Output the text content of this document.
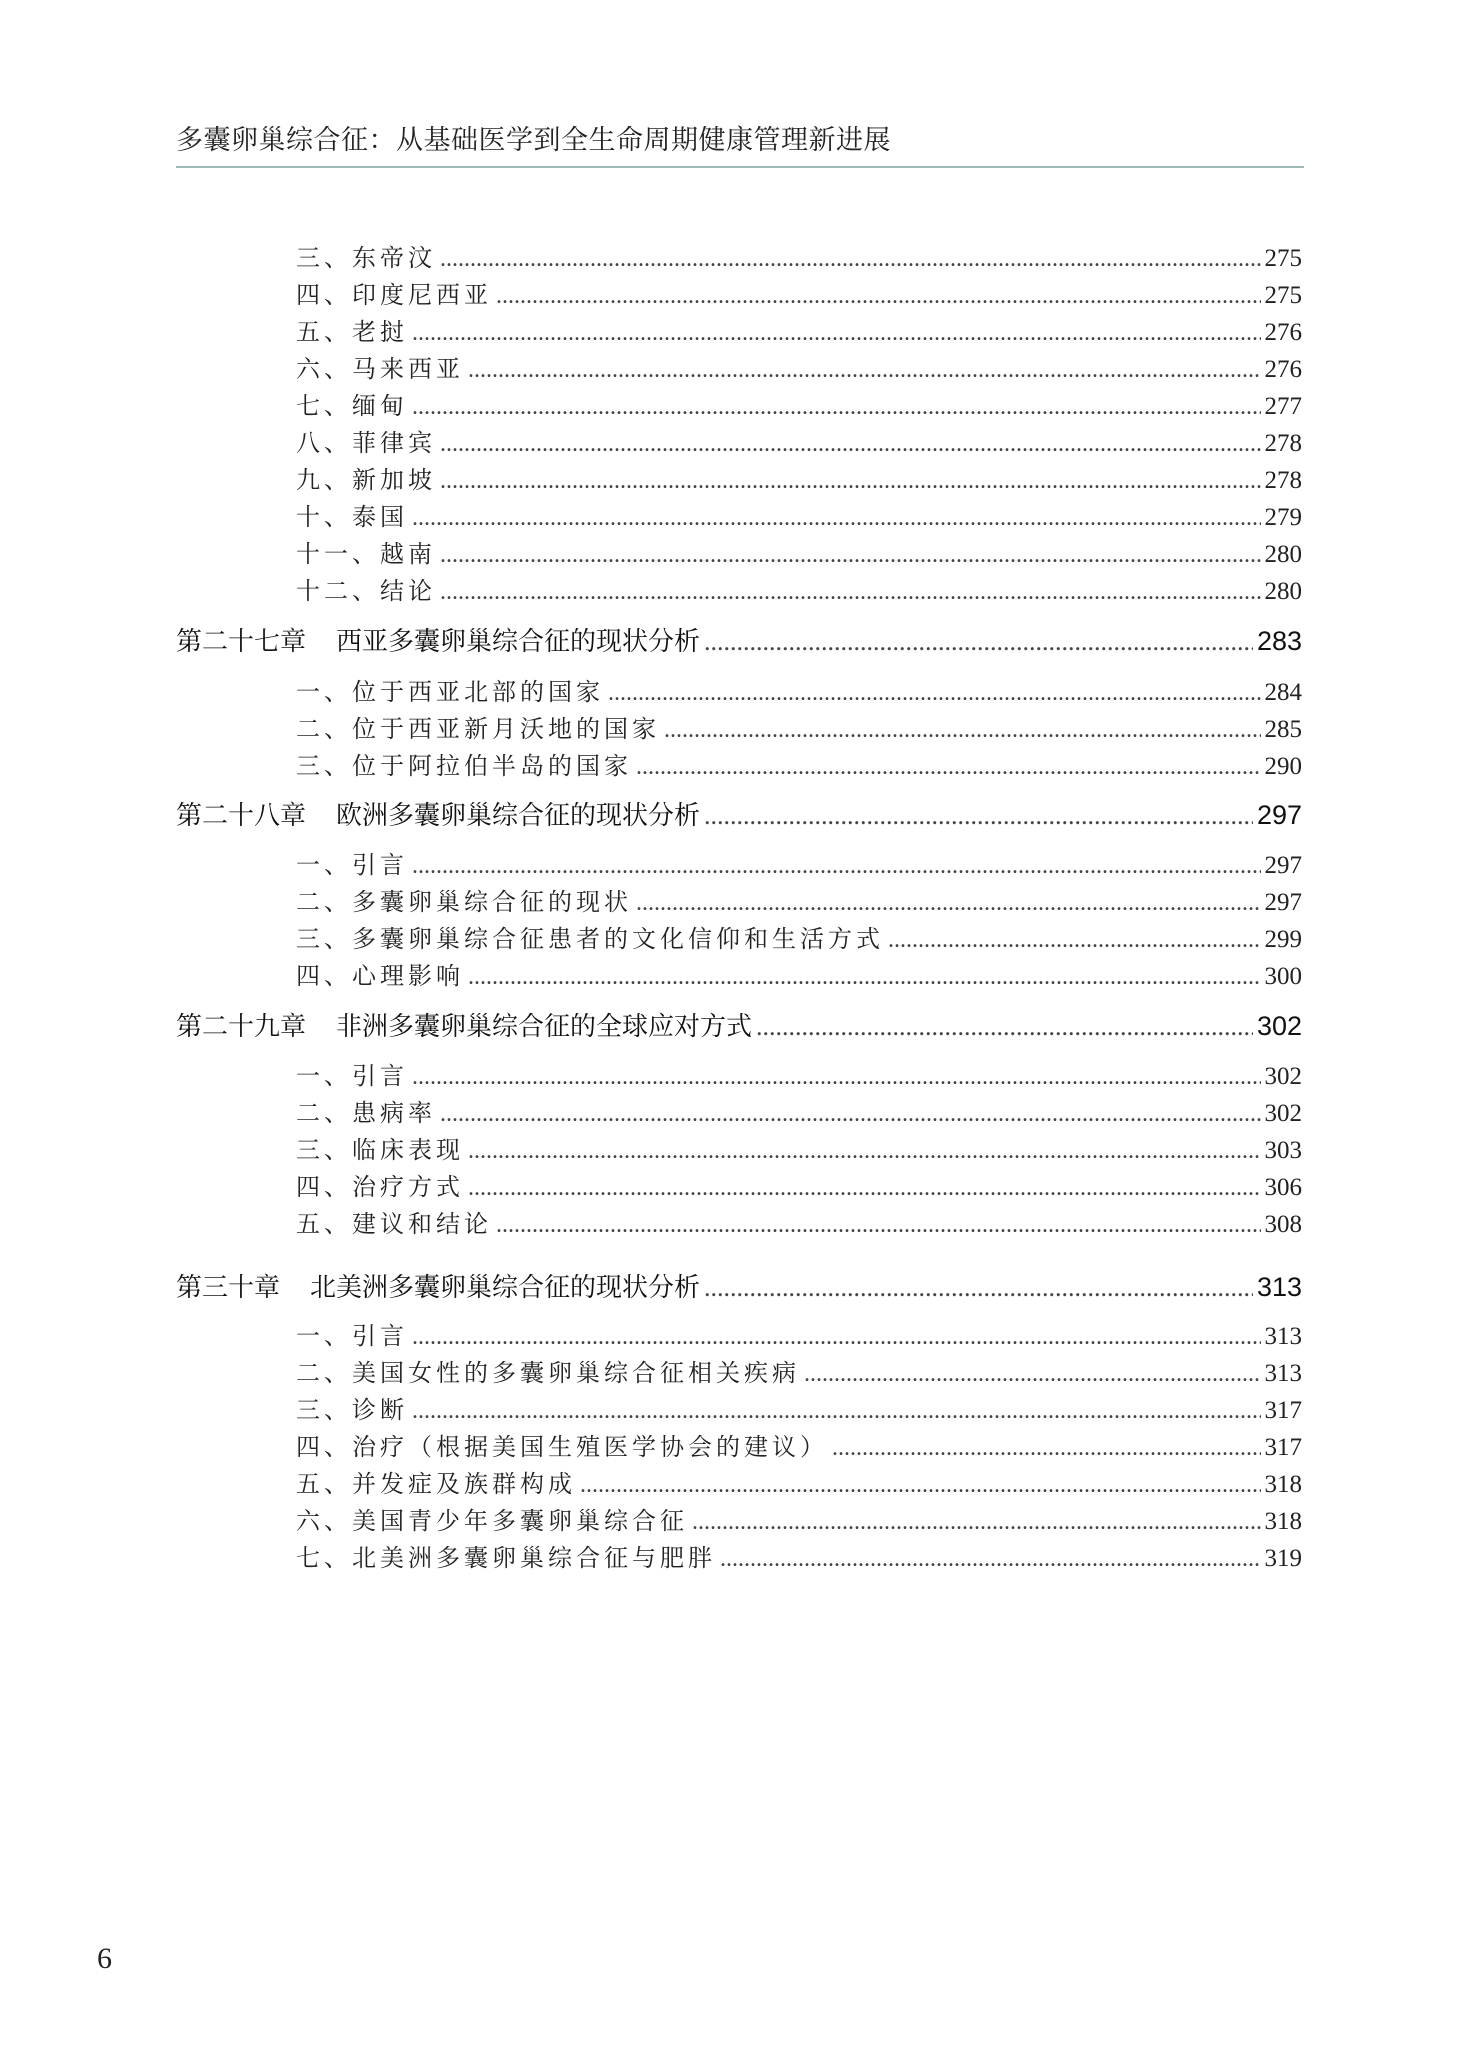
多囊卵巢综合征：从基础医学到全生命周期健康管理新进展
三、东帝汶 .....	275
四、印度尼西亚 .....	275
五、老挝 .....	276
六、马来西亚 .....	276
七、缅甸 .....	277
八、菲律宾 .....	278
九、新加坡 .....	278
十、泰国 .....	279
十一、越南 .....	280
十二、结论 .....	280
第二十七章 西亚多囊卵巢综合征的现状分析 .....	283
一、位于西亚北部的国家 .....	284
二、位于西亚新月沃地的国家 .....	285
三、位于阿拉伯半岛的国家 .....	290
第二十八章 欧洲多囊卵巢综合征的现状分析 .....	297
一、引言 .....	297
二、多囊卵巢综合征的现状 .....	297
三、多囊卵巢综合征患者的文化信仰和生活方式 .....	299
四、心理影响 .....	300
第二十九章 非洲多囊卵巢综合征的全球应对方式 .....	302
一、引言 .....	302
二、患病率 .....	302
三、临床表现 .....	303
四、治疗方式 .....	306
五、建议和结论 .....	308
第三十章 北美洲多囊卵巢综合征的现状分析 .....	313
一、引言 .....	313
二、美国女性的多囊卵巢综合征相关疾病 .....	313
三、诊断 .....	317
四、治疗（根据美国生殖医学协会的建议） .....	317
五、并发症及族群构成 .....	318
六、美国青少年多囊卵巢综合征 .....	318
七、北美洲多囊卵巢综合征与肥胖 .....	319
6
